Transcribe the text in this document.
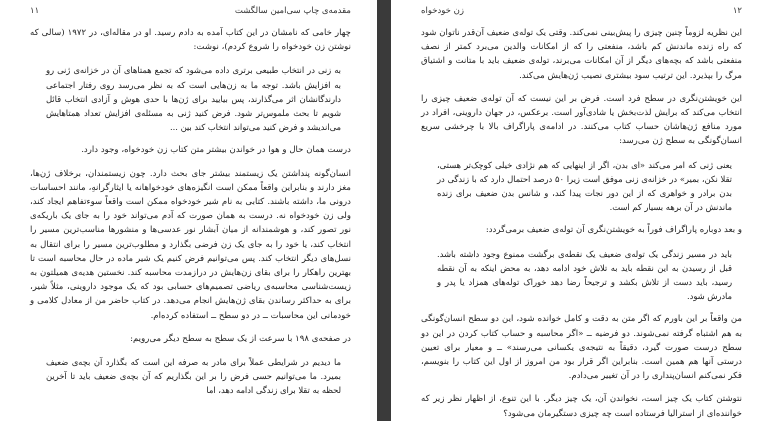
مقدمه‌ی چاپ سی‌امین سالگشت
۱۱

چهار خامی که نامشان در این کتاب آمده به دادم رسید. او در مقاله‌ای، در ۱۹۷۲ (سالی که نوشتن زن خودخواه را شروع کردم)، نوشت:

به زنی در انتخاب طبیعی برتری داده می‌شود که تجمع همتاهای آن در خزانه‌ی ژنی رو به افزایش باشد. توجه ما به زن‌هایی است که به نظر می‌رسد روی رفتار اجتماعی دارندگانشان اثر می‌گذارند، پس بیایید برای ژن‌ها با حدی هوش و آزادی انتخاب قائل شویم تا بحث ملموس‌تر شود. فرض کنید ژنی به مسئله‌ی افزایش تعداد همتاهایش می‌اندیشد و فرض کنید می‌تواند انتخاب کند بین ...

درست همان حال و هوا در خواندن بیشتر متن کتاب زن خودخواه، وجود دارد.

انسان‌گونه پنداشتن یک زیستمند بیشتر جای بحث دارد. چون زیستمندان، برخلاف ژن‌ها، مغز دارند و بنابراین واقعاً ممکن است انگیزه‌های خودخواهانه یا ایثارگرانهِ، مانند احساسات درونی ما، داشته باشند. کتابی به نام شیر خودخواه ممکن است واقعاً سوءتفاهم ایجاد کند، ولی زن خودخواه نه. درست به همان صورت که آدم می‌تواند خود را به جای یک باریکه‌ی نور تصور کند، و هوشمندانه از میان آبشار نور عدسی‌ها و منشورها مناسب‌ترین مسیر را انتخاب کند، یا خود را به جای یک زن فرضی بگذارد و مطلوب‌ترین مسیر را برای انتقال به نسل‌های دیگر انتخاب کند. پس می‌توانیم فرض کنیم یک شیر ماده در حال محاسبه است تا بهترین راهکار را برای بقای زن‌هایش در درازمدت محاسبه کند. نخستین هدیه‌ی همیلتون به زیست‌شناسی محاسبه‌ی ریاضی تصمیم‌های حسابی بود که یک موجود داروینی، مثلاً شیر، برای به حداکثر رساندن بقای ژن‌هایش انجام می‌دهد. در کتاب حاضر من از معادل کلامی و خودمانی این محاسبات ــ در دو سطح ــ استفاده کرده‌ام.

در صفحه‌ی ۱۹۸ با سرعت از یک سطح به سطح دیگر می‌رویم:

ما دیدیم در شرایطی عملاً برای مادر به صرفه این است که بگذارد آن بچه‌ی ضعیف بمیرد. ما می‌توانیم حسی فرض را بر این بگذاریم که آن بچه‌ی ضعیف باید تا آخرین لحظه به تقلا برای زندگی ادامه دهد، اما

۱۲
زن خودخواه

این نظریه لزوماً چنین چیزی را پیش‌بینی نمی‌کند. وقتی یک توله‌ی ضعیف آن‌قدر ناتوان شود که راه زنده ماندنش کم باشد، منفعتی را که از امکانات والدین می‌برد کمتر از نصف منفعتی باشد که بچه‌های دیگر از آن امکانات می‌برند، توله‌ی ضعیف باید با متانت و اشتیاق مرگ را بپذیرد. این ترتیب سود بیشتری نصیب ژن‌هایش می‌کند.

این خویشتن‌نگری در سطح فرد است. فرض بر این نیست که آن توله‌ی ضعیف چیزی را انتخاب می‌کند که برایش لذت‌بخش یا شادی‌آور است. برعکس، در جهان داروینی، افراد در مورد منافع ژن‌هاشان حساب کتاب می‌کنند. در ادامه‌ی پاراگراف بالا با چرخشی سریع انسان‌گونگی به سطح ژن می‌رسد:

یعنی ژنی که امر می‌کند «ای بدن، اگر از اینهایی که هم نژادی خیلی کوچک‌تر هستی، تقلا نکن، بمیر» در خزانه‌ی زنی موفق است زیرا ۵۰ درصد احتمال دارد که با زندگی در بدن برادر و خواهری که از این دور نجات پیدا کند، و شانس بدن ضعیف برای زنده ماندنش در آن برهه بسیار کم است.

و بعد دوباره پاراگراف فوراً به خویشتن‌نگری آن توله‌ی ضعیف برمی‌گردد:

باید در مسیر زندگی یک توله‌ی ضعیف یک نقطه‌ی برگشت ممنوع وجود داشته باشد. قبل از رسیدن به این نقطه باید به تلاش خود ادامه دهد، به محض اینکه به آن نقطه رسید، باید دست از تلاش بکشد و ترجیحاً رضا دهد خوراک توله‌های همزاد یا پدر و مادرش شود.

من واقعاً بر این باورم که اگر متن به دقت و کامل خوانده شود، این دو سطح انسان‌گونگی به هم اشتباه گرفته نمی‌شوند. دو فرضیه ــ «اگر محاسبه و حساب کتاب کردن در این دو سطح درست صورت گیرد، دقیقاً به نتیجه‌ی یکسانی می‌رسند» ــ و معیار برای تعیین درستی آنها هم همین است. بنابراین اگر قرار بود من امروز از اول این کتاب را بنویسم، فکر نمی‌کنم انسان‌پنداری را در آن تغییر می‌دادم.

نتوشتن کتاب یک چیز است، نخواندن آن، یک چیز دیگر. با این تنوع، از اظهار نظر زیر که خواننده‌ای از استرالیا فرستاده است چه چیزی دستگیرمان می‌شود؟
